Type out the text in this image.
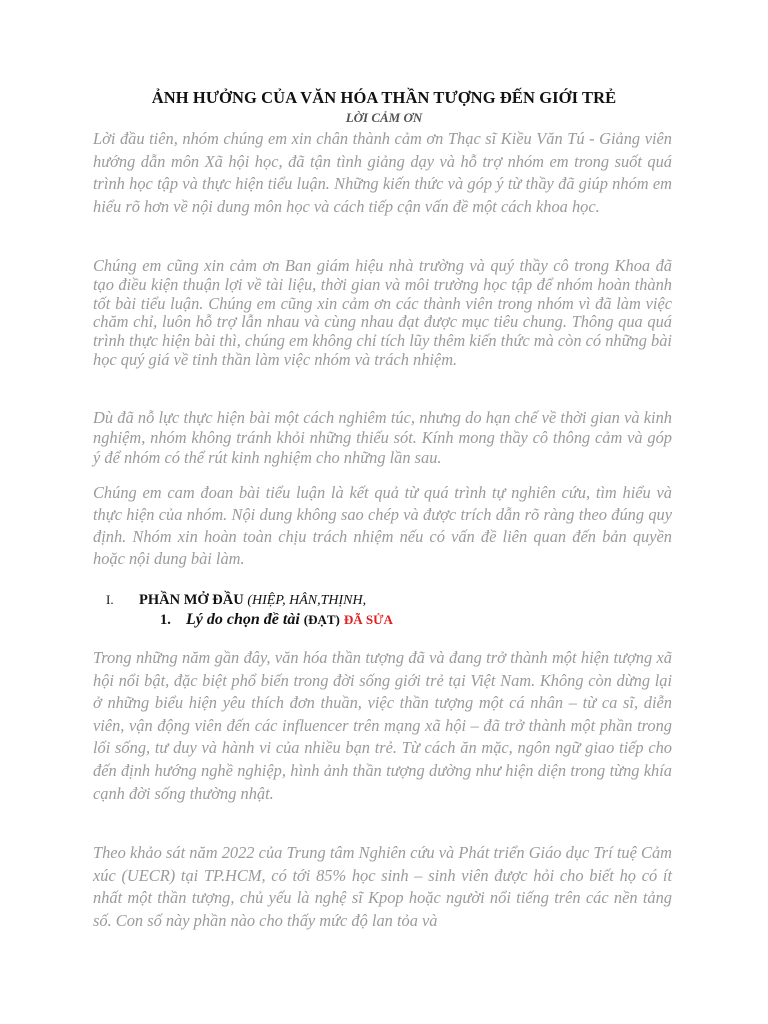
ẢNH HƯỞNG CỦA VĂN HÓA THẦN TƯỢNG ĐẾN GIỚI TRẺ
LỜI CẢM ƠN

Lời đầu tiên, nhóm chúng em xin chân thành cảm ơn Thạc sĩ Kiều Văn Tú - Giảng viên hướng dẫn môn Xã hội học, đã tận tình giảng dạy và hỗ trợ nhóm em trong suốt quá trình học tập và thực hiện tiểu luận. Những kiến thức và góp ý từ thầy đã giúp nhóm em hiểu rõ hơn về nội dung môn học và cách tiếp cận vấn đề một cách khoa học.

Chúng em cũng xin cảm ơn Ban giám hiệu nhà trường và quý thầy cô trong Khoa đã tạo điều kiện thuận lợi về tài liệu, thời gian và môi trường học tập để nhóm hoàn thành tốt bài tiểu luận. Chúng em cũng xin cảm ơn các thành viên trong nhóm vì đã làm việc chăm chỉ, luôn hỗ trợ lẫn nhau và cùng nhau đạt được mục tiêu chung. Thông qua quá trình thực hiện bài thì, chúng em không chỉ tích lũy thêm kiến thức mà còn có những bài học quý giá về tinh thần làm việc nhóm và trách nhiệm.

Dù đã nỗ lực thực hiện bài một cách nghiêm túc, nhưng do hạn chế về thời gian và kinh nghiệm, nhóm không tránh khỏi những thiếu sót. Kính mong thầy cô thông cảm và góp ý để nhóm có thể rút kinh nghiệm cho những lần sau.

Chúng em cam đoan bài tiểu luận là kết quả từ quá trình tự nghiên cứu, tìm hiểu và thực hiện của nhóm. Nội dung không sao chép và được trích dẫn rõ ràng theo đúng quy định. Nhóm xin hoàn toàn chịu trách nhiệm nếu có vấn đề liên quan đến bản quyền hoặc nội dung bài làm.

I. PHẦN MỞ ĐẦU (HIỆP, HÂN,THỊNH,
1. Lý do chọn đề tài (ĐẠT) ĐÃ SỬA

Trong những năm gần đây, văn hóa thần tượng đã và đang trở thành một hiện tượng xã hội nổi bật, đặc biệt phổ biến trong đời sống giới trẻ tại Việt Nam. Không còn dừng lại ở những biểu hiện yêu thích đơn thuần, việc thần tượng một cá nhân – từ ca sĩ, diễn viên, vận động viên đến các influencer trên mạng xã hội – đã trở thành một phần trong lối sống, tư duy và hành vi của nhiều bạn trẻ. Từ cách ăn mặc, ngôn ngữ giao tiếp cho đến định hướng nghề nghiệp, hình ảnh thần tượng dường như hiện diện trong từng khía cạnh đời sống thường nhật.

Theo khảo sát năm 2022 của Trung tâm Nghiên cứu và Phát triển Giáo dục Trí tuệ Cảm xúc (UECR) tại TP.HCM, có tới 85% học sinh – sinh viên được hỏi cho biết họ có ít nhất một thần tượng, chủ yếu là nghệ sĩ Kpop hoặc người nổi tiếng trên các nền tảng số. Con số này phần nào cho thấy mức độ lan tỏa và
